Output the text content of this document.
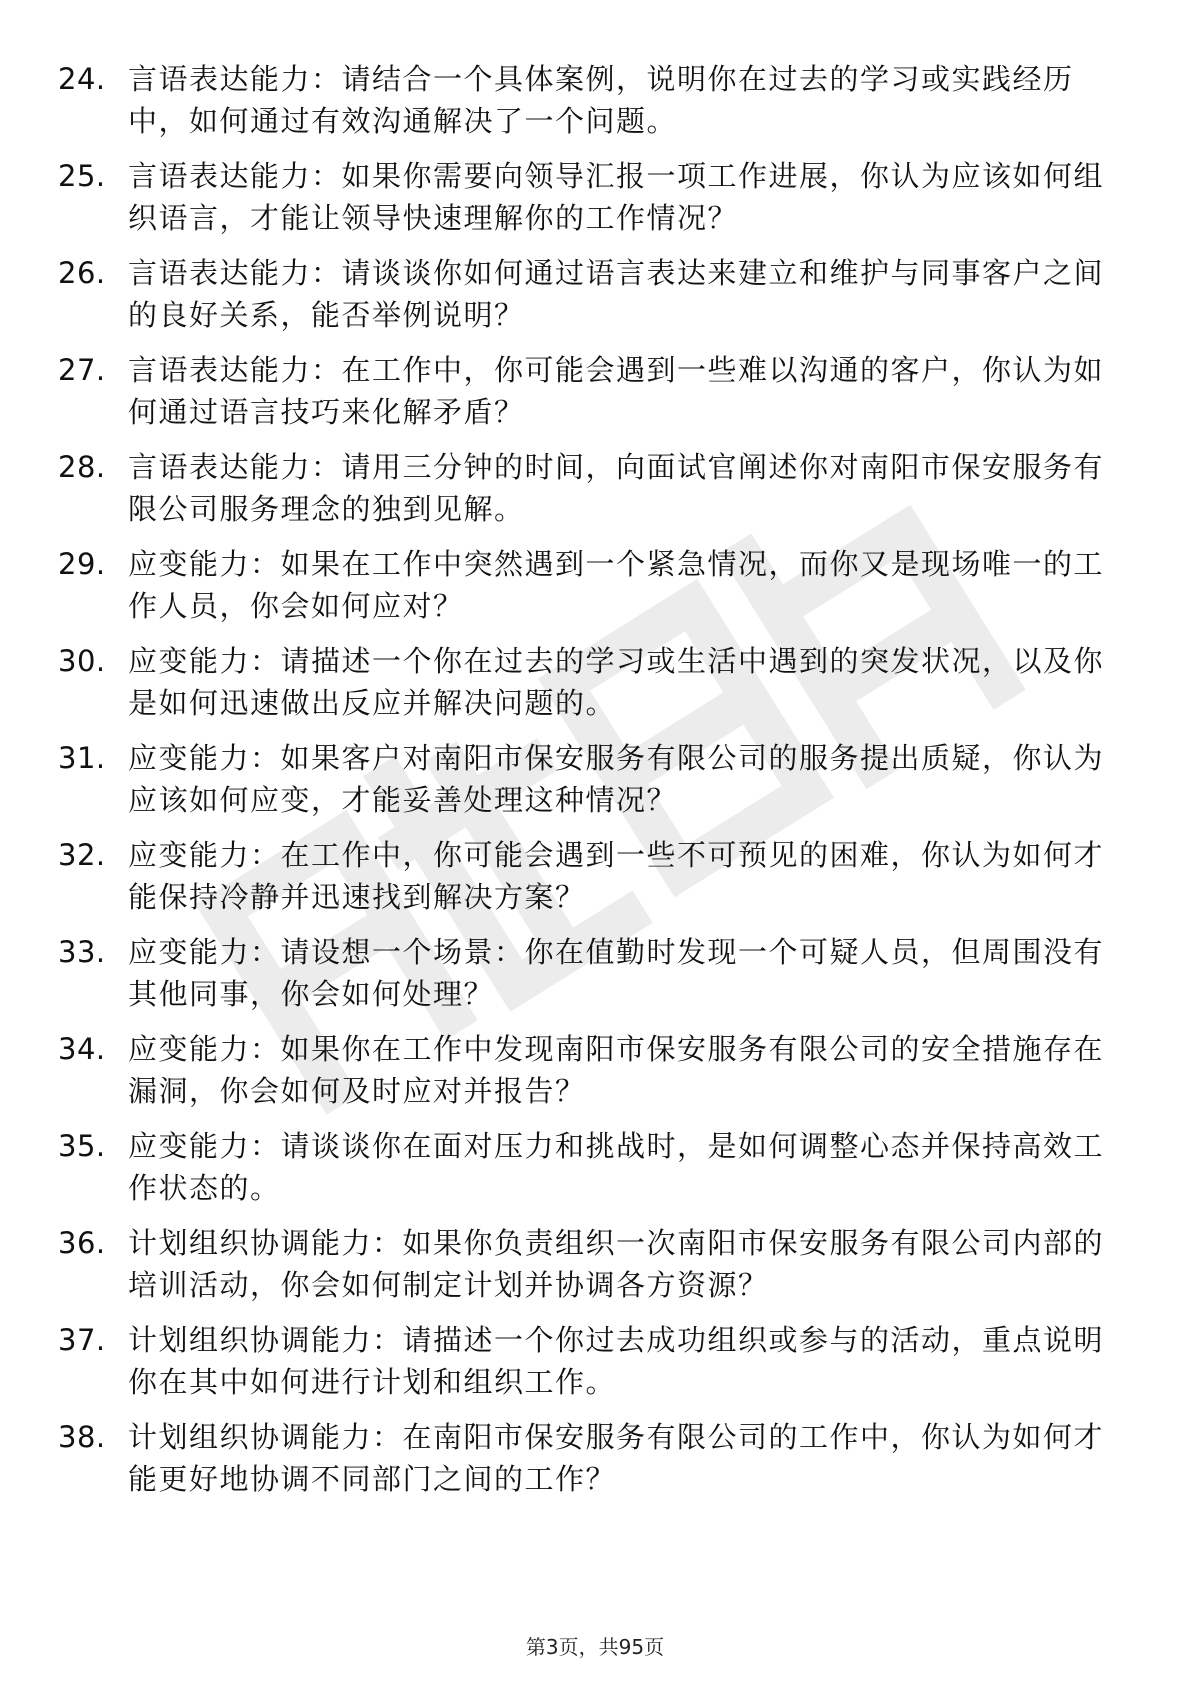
24. 言语表达能力：请结合一个具体案例，说明你在过去的学习或实践经历中，如何通过有效沟通解决了一个问题。
25. 言语表达能力：如果你需要向领导汇报一项工作进展，你认为应该如何组织语言，才能让领导快速理解你的工作情况？
26. 言语表达能力：请谈谈你如何通过语言表达来建立和维护与同事客户之间的良好关系，能否举例说明？
27. 言语表达能力：在工作中，你可能会遇到一些难以沟通的客户，你认为如何通过语言技巧来化解矛盾？
28. 言语表达能力：请用三分钟的时间，向面试官阐述你对南阳市保安服务有限公司服务理念的独到见解。
29. 应变能力：如果在工作中突然遇到一个紧急情况，而你又是现场唯一的工作人员，你会如何应对？
30. 应变能力：请描述一个你在过去的学习或生活中遇到的突发状况，以及你是如何迅速做出反应并解决问题的。
31. 应变能力：如果客户对南阳市保安服务有限公司的服务提出质疑，你认为应该如何应变，才能妥善处理这种情况？
32. 应变能力：在工作中，你可能会遇到一些不可预见的困难，你认为如何才能保持冷静并迅速找到解决方案？
33. 应变能力：请设想一个场景：你在值勤时发现一个可疑人员，但周围没有其他同事，你会如何处理？
34. 应变能力：如果你在工作中发现南阳市保安服务有限公司的安全措施存在漏洞，你会如何及时应对并报告？
35. 应变能力：请谈谈你在面对压力和挑战时，是如何调整心态并保持高效工作状态的。
36. 计划组织协调能力：如果你负责组织一次南阳市保安服务有限公司内部的培训活动，你会如何制定计划并协调各方资源？
37. 计划组织协调能力：请描述一个你过去成功组织或参与的活动，重点说明你在其中如何进行计划和组织工作。
38. 计划组织协调能力：在南阳市保安服务有限公司的工作中，你认为如何才能更好地协调不同部门之间的工作？
第3页，共95页
